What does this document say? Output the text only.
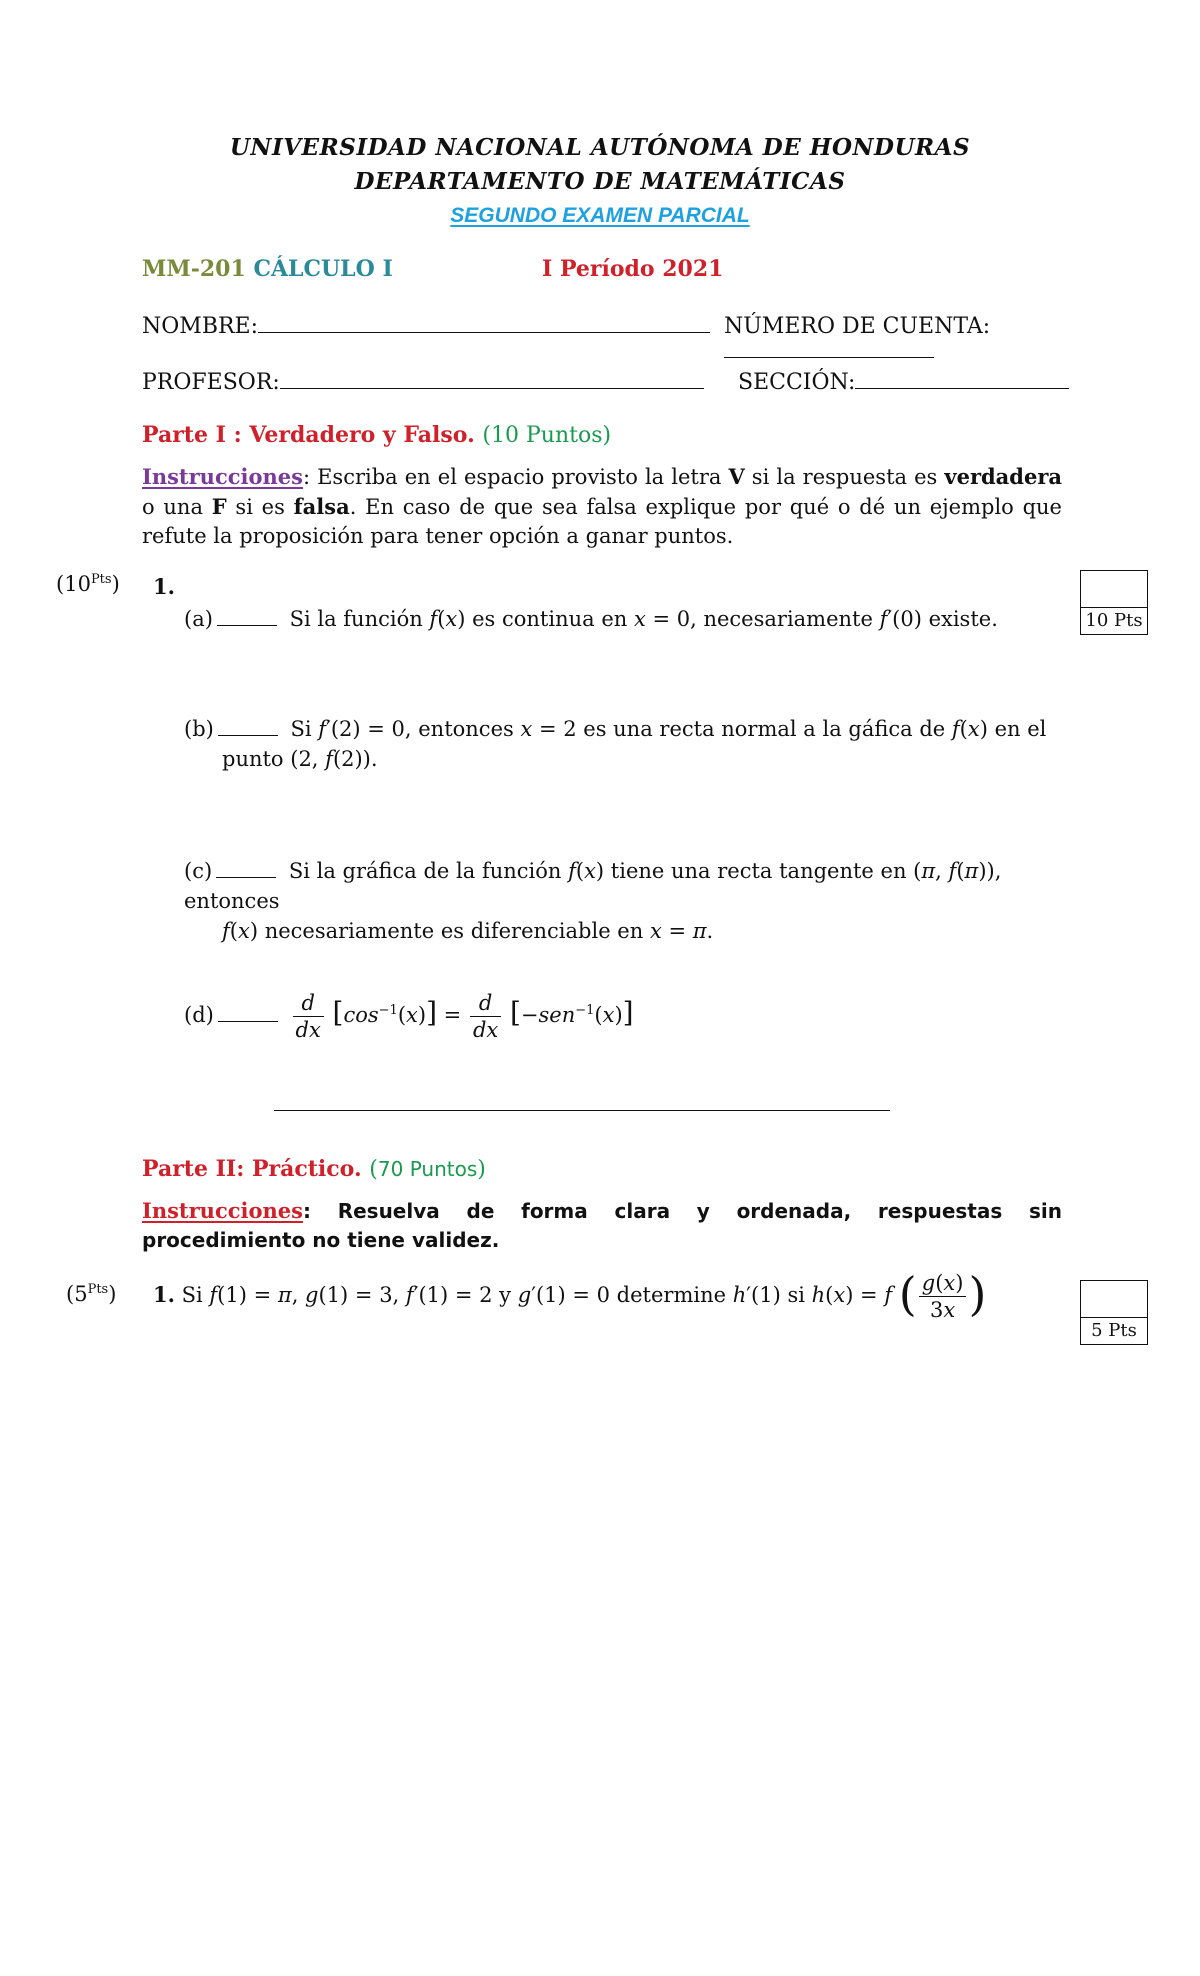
UNIVERSIDAD NACIONAL AUTÓNOMA DE HONDURAS
DEPARTAMENTO DE MATEMÁTICAS
SEGUNDO EXAMEN PARCIAL
MM-201 CÁLCULO I	I Período 2021
NOMBRE:	NÚMERO DE CUENTA:
PROFESOR:	SECCIÓN:
Parte I : Verdadero y Falso. (10 Puntos)
Instrucciones: Escriba en el espacio provisto la letra V si la respuesta es verdadera o una F si es falsa. En caso de que sea falsa explique por qué o dé un ejemplo que refute la proposición para tener opción a ganar puntos.
$(10^{Pts})$ 1.
10 Pts
(a)	Si la función f(x) es continua en x = 0, necesariamente f′(0) existe.
(b)	Si f′(2) = 0, entonces x = 2 es una recta normal a la gáfica de f(x) en el
punto (2, f(2)).
(c)	Si la gráfica de la función f(x) tiene una recta tangente en (π, f(π)), entonces
f(x) necesariamente es diferenciable en x = π.
(d)	$\frac{d}{dx} [\cos^{-1}(x)] = \frac{d}{dx} [-sen^{-1}(x)]$
Parte II: Práctico. (70 Puntos)
Instrucciones: Resuelva de forma clara y ordenada, respuestas sin procedimiento no tiene validez.
$(5^{Pts})$ 1. Si f(1) = π, g(1) = 3, f′(1) = 2 y g′(1) = 0 determine h′(1) si h(x) = f ( $\frac{g(x)}{3x}$ )
5 Pts
